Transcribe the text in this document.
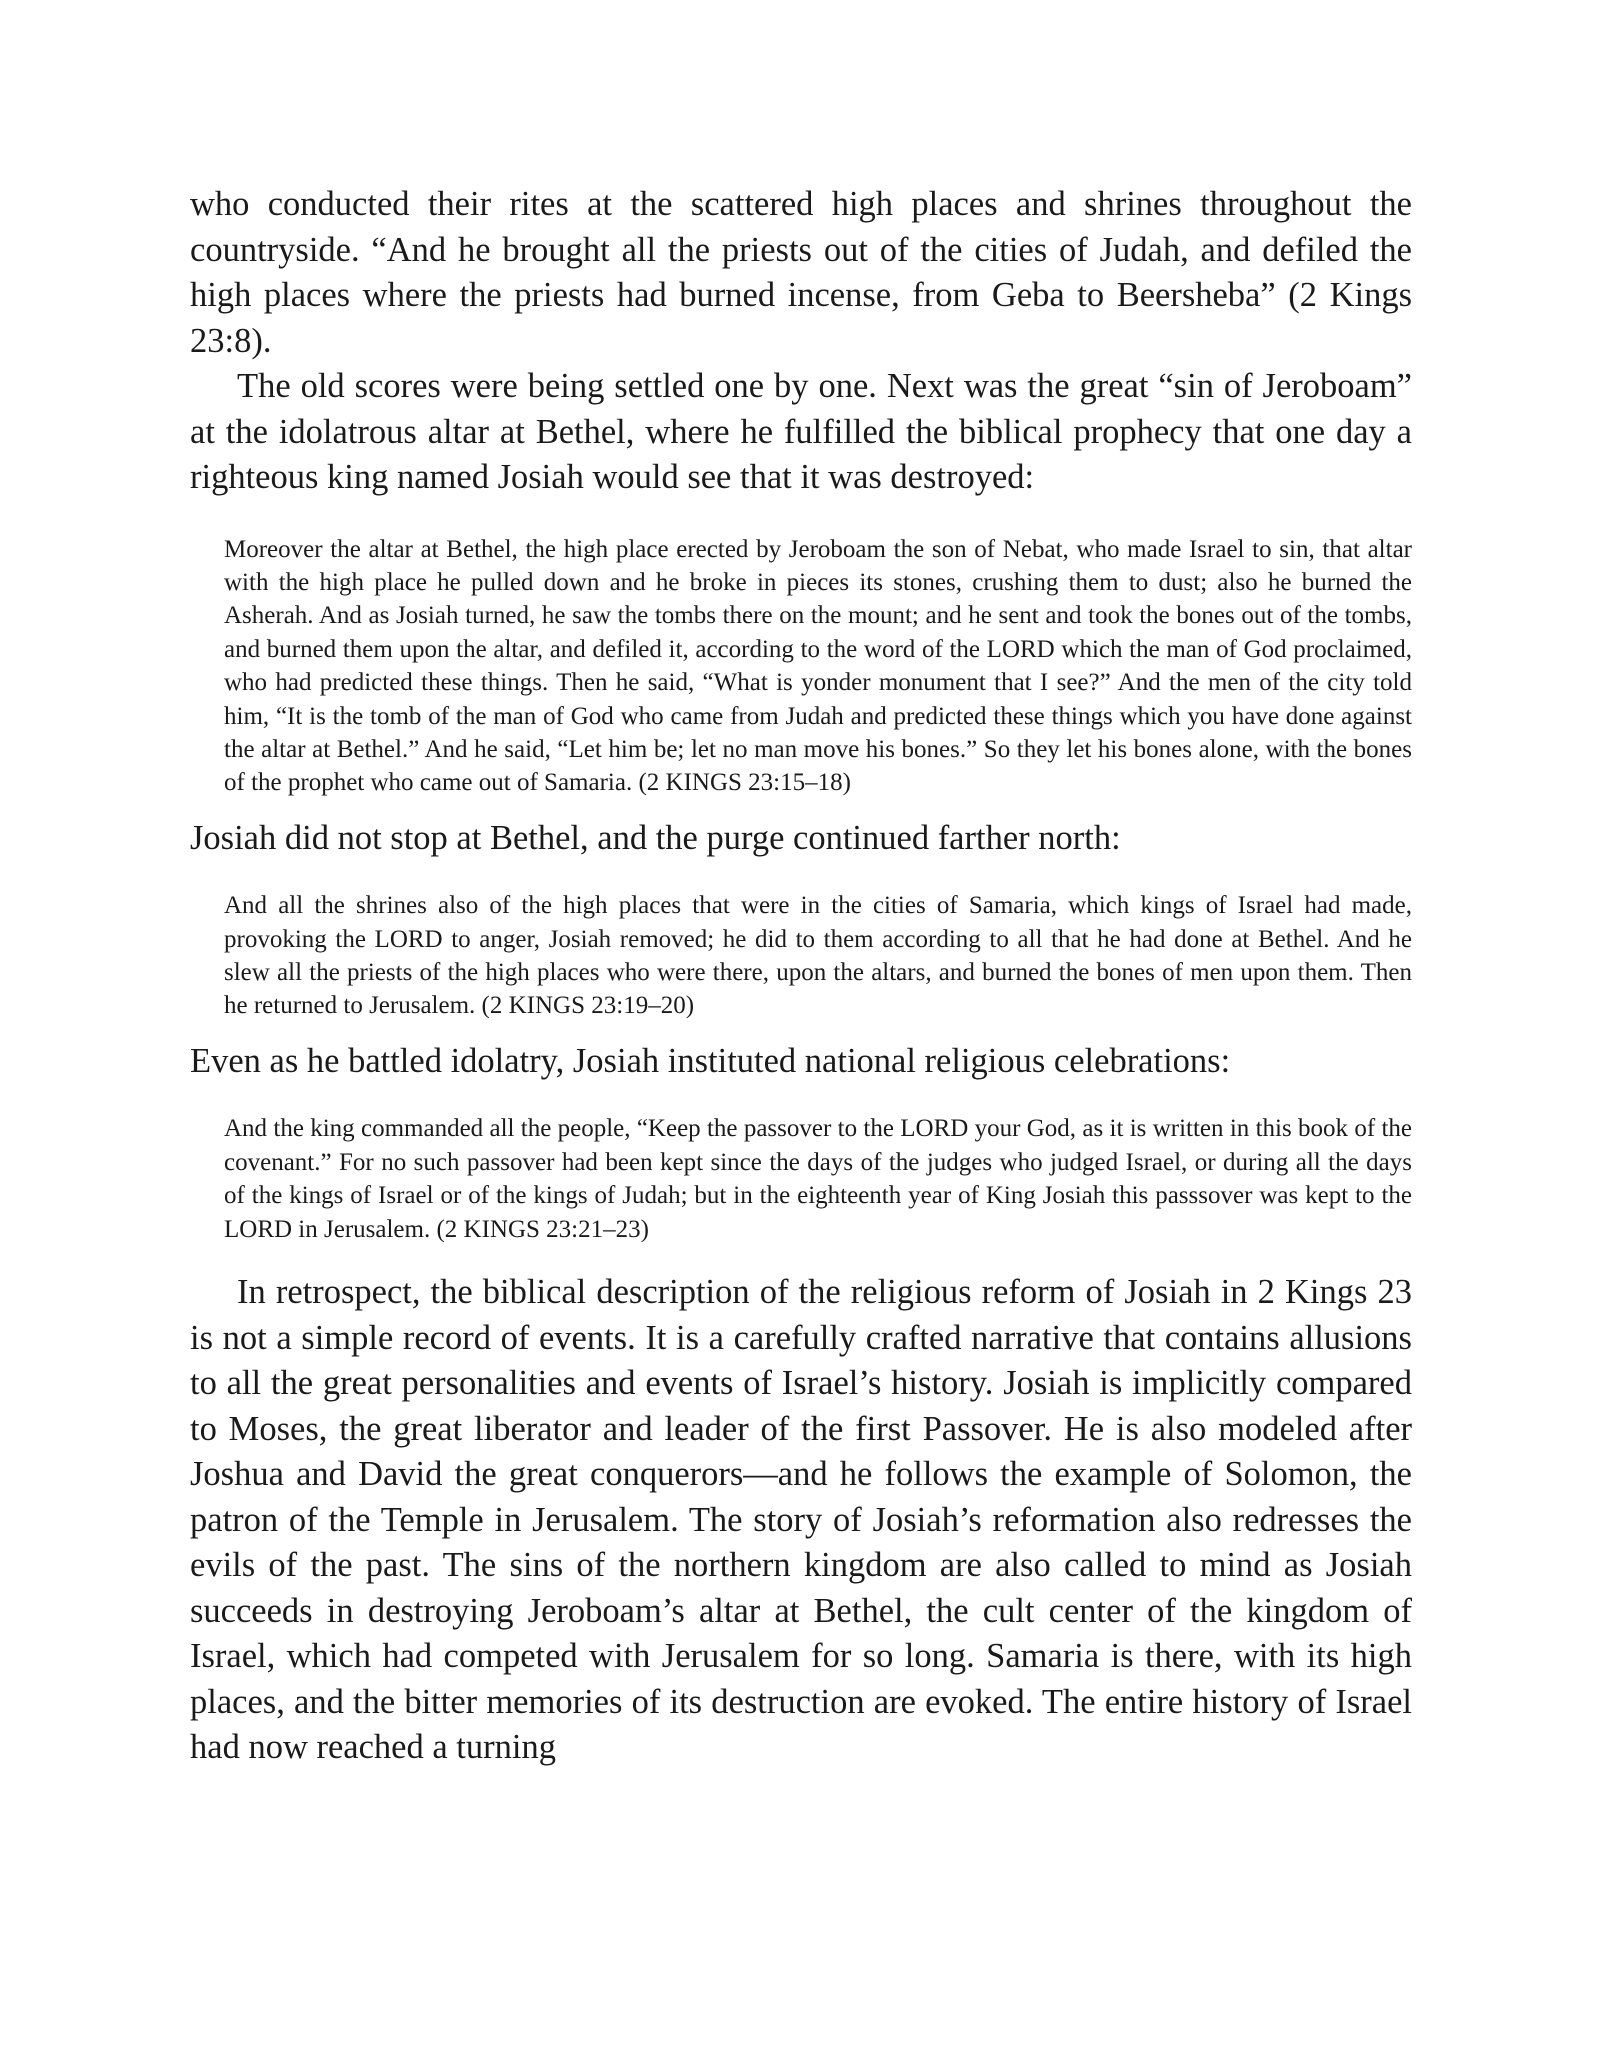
who conducted their rites at the scattered high places and shrines throughout the countryside. “And he brought all the priests out of the cities of Judah, and defiled the high places where the priests had burned incense, from Geba to Beersheba” (2 Kings 23:8).

The old scores were being settled one by one. Next was the great “sin of Jeroboam” at the idolatrous altar at Bethel, where he fulfilled the biblical prophecy that one day a righteous king named Josiah would see that it was destroyed:

Moreover the altar at Bethel, the high place erected by Jeroboam the son of Nebat, who made Israel to sin, that altar with the high place he pulled down and he broke in pieces its stones, crushing them to dust; also he burned the Asherah. And as Josiah turned, he saw the tombs there on the mount; and he sent and took the bones out of the tombs, and burned them upon the altar, and defiled it, according to the word of the LORD which the man of God proclaimed, who had predicted these things. Then he said, “What is yonder monument that I see?” And the men of the city told him, “It is the tomb of the man of God who came from Judah and predicted these things which you have done against the altar at Bethel.” And he said, “Let him be; let no man move his bones.” So they let his bones alone, with the bones of the prophet who came out of Samaria. (2 KINGS 23:15–18)

Josiah did not stop at Bethel, and the purge continued farther north:

And all the shrines also of the high places that were in the cities of Samaria, which kings of Israel had made, provoking the LORD to anger, Josiah removed; he did to them according to all that he had done at Bethel. And he slew all the priests of the high places who were there, upon the altars, and burned the bones of men upon them. Then he returned to Jerusalem. (2 KINGS 23:19–20)

Even as he battled idolatry, Josiah instituted national religious celebrations:

And the king commanded all the people, “Keep the passover to the LORD your God, as it is written in this book of the covenant.” For no such passover had been kept since the days of the judges who judged Israel, or during all the days of the kings of Israel or of the kings of Judah; but in the eighteenth year of King Josiah this passsover was kept to the LORD in Jerusalem. (2 KINGS 23:21–23)

In retrospect, the biblical description of the religious reform of Josiah in 2 Kings 23 is not a simple record of events. It is a carefully crafted narrative that contains allusions to all the great personalities and events of Israel’s history. Josiah is implicitly compared to Moses, the great liberator and leader of the first Passover. He is also modeled after Joshua and David the great conquerors—and he follows the example of Solomon, the patron of the Temple in Jerusalem. The story of Josiah’s reformation also redresses the evils of the past. The sins of the northern kingdom are also called to mind as Josiah succeeds in destroying Jeroboam’s altar at Bethel, the cult center of the kingdom of Israel, which had competed with Jerusalem for so long. Samaria is there, with its high places, and the bitter memories of its destruction are evoked. The entire history of Israel had now reached a turning
